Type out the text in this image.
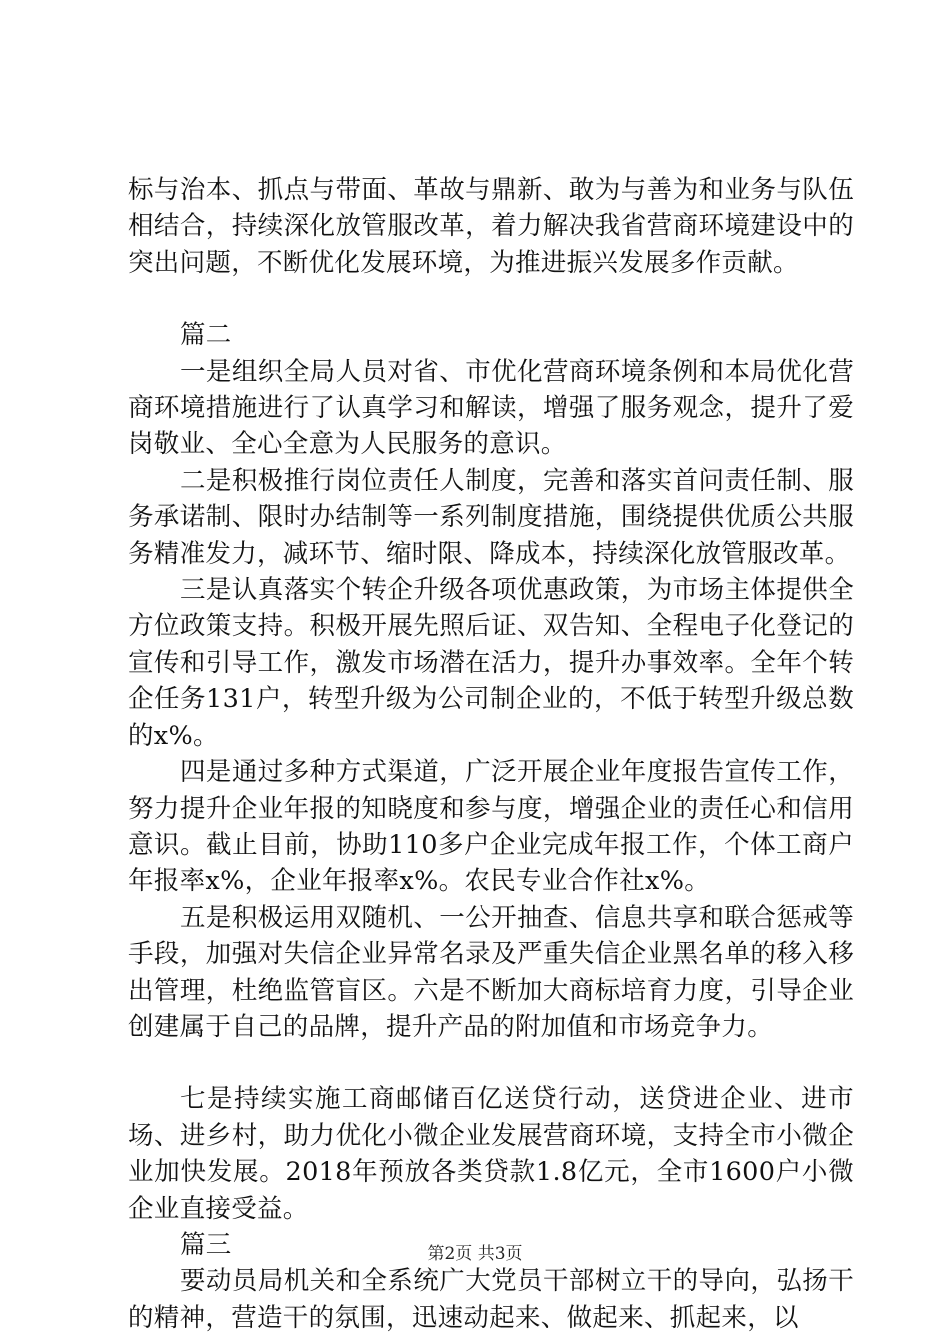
标与治本、抓点与带面、革故与鼎新、敢为与善为和业务与队伍相结合，持续深化放管服改革，着力解决我省营商环境建设中的突出问题，不断优化发展环境，为推进振兴发展多作贡献。

篇二

一是组织全局人员对省、市优化营商环境条例和本局优化营商环境措施进行了认真学习和解读，增强了服务观念，提升了爱岗敬业、全心全意为人民服务的意识。

二是积极推行岗位责任人制度，完善和落实首问责任制、服务承诺制、限时办结制等一系列制度措施，围绕提供优质公共服务精准发力，减环节、缩时限、降成本，持续深化放管服改革。

三是认真落实个转企升级各项优惠政策，为市场主体提供全方位政策支持。积极开展先照后证、双告知、全程电子化登记的宣传和引导工作，激发市场潜在活力，提升办事效率。全年个转企任务131户，转型升级为公司制企业的，不低于转型升级总数的x%。

四是通过多种方式渠道，广泛开展企业年度报告宣传工作，努力提升企业年报的知晓度和参与度，增强企业的责任心和信用意识。截止目前，协助110多户企业完成年报工作，个体工商户年报率x%，企业年报率x%。农民专业合作社x%。

五是积极运用双随机、一公开抽查、信息共享和联合惩戒等手段，加强对失信企业异常名录及严重失信企业黑名单的移入移出管理，杜绝监管盲区。六是不断加大商标培育力度，引导企业创建属于自己的品牌，提升产品的附加值和市场竞争力。

七是持续实施工商邮储百亿送贷行动，送贷进企业、进市场、进乡村，助力优化小微企业发展营商环境，支持全市小微企业加快发展。2018年预放各类贷款1.8亿元，全市1600户小微企业直接受益。

篇三

要动员局机关和全系统广大党员干部树立干的导向，弘扬干的精神，营造干的氛围，迅速动起来、做起来、抓起来，以

第2页 共3页
